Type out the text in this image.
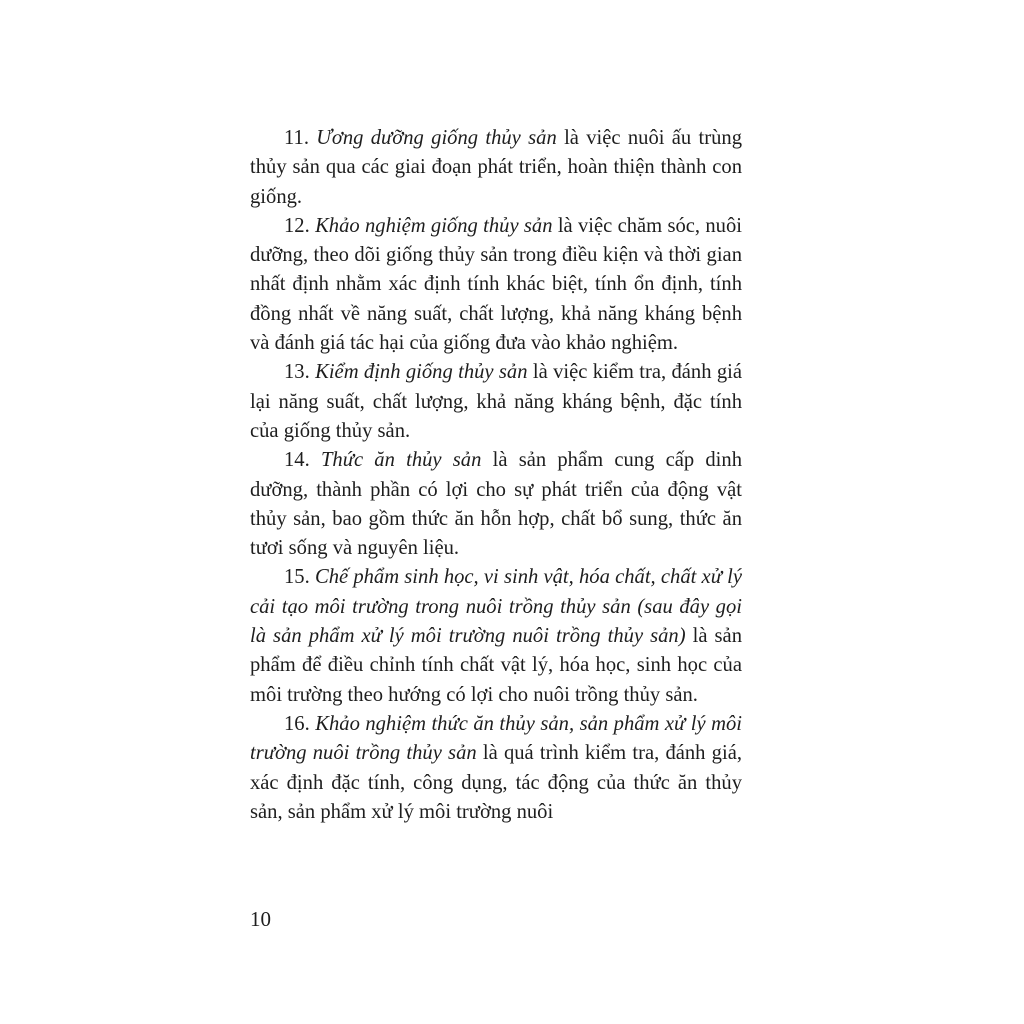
11. Ương dưỡng giống thủy sản là việc nuôi ấu trùng thủy sản qua các giai đoạn phát triển, hoàn thiện thành con giống.

12. Khảo nghiệm giống thủy sản là việc chăm sóc, nuôi dưỡng, theo dõi giống thủy sản trong điều kiện và thời gian nhất định nhằm xác định tính khác biệt, tính ổn định, tính đồng nhất về năng suất, chất lượng, khả năng kháng bệnh và đánh giá tác hại của giống đưa vào khảo nghiệm.

13. Kiểm định giống thủy sản là việc kiểm tra, đánh giá lại năng suất, chất lượng, khả năng kháng bệnh, đặc tính của giống thủy sản.

14. Thức ăn thủy sản là sản phẩm cung cấp dinh dưỡng, thành phần có lợi cho sự phát triển của động vật thủy sản, bao gồm thức ăn hỗn hợp, chất bổ sung, thức ăn tươi sống và nguyên liệu.

15. Chế phẩm sinh học, vi sinh vật, hóa chất, chất xử lý cải tạo môi trường trong nuôi trồng thủy sản (sau đây gọi là sản phẩm xử lý môi trường nuôi trồng thủy sản) là sản phẩm để điều chỉnh tính chất vật lý, hóa học, sinh học của môi trường theo hướng có lợi cho nuôi trồng thủy sản.

16. Khảo nghiệm thức ăn thủy sản, sản phẩm xử lý môi trường nuôi trồng thủy sản là quá trình kiểm tra, đánh giá, xác định đặc tính, công dụng, tác động của thức ăn thủy sản, sản phẩm xử lý môi trường nuôi

10
